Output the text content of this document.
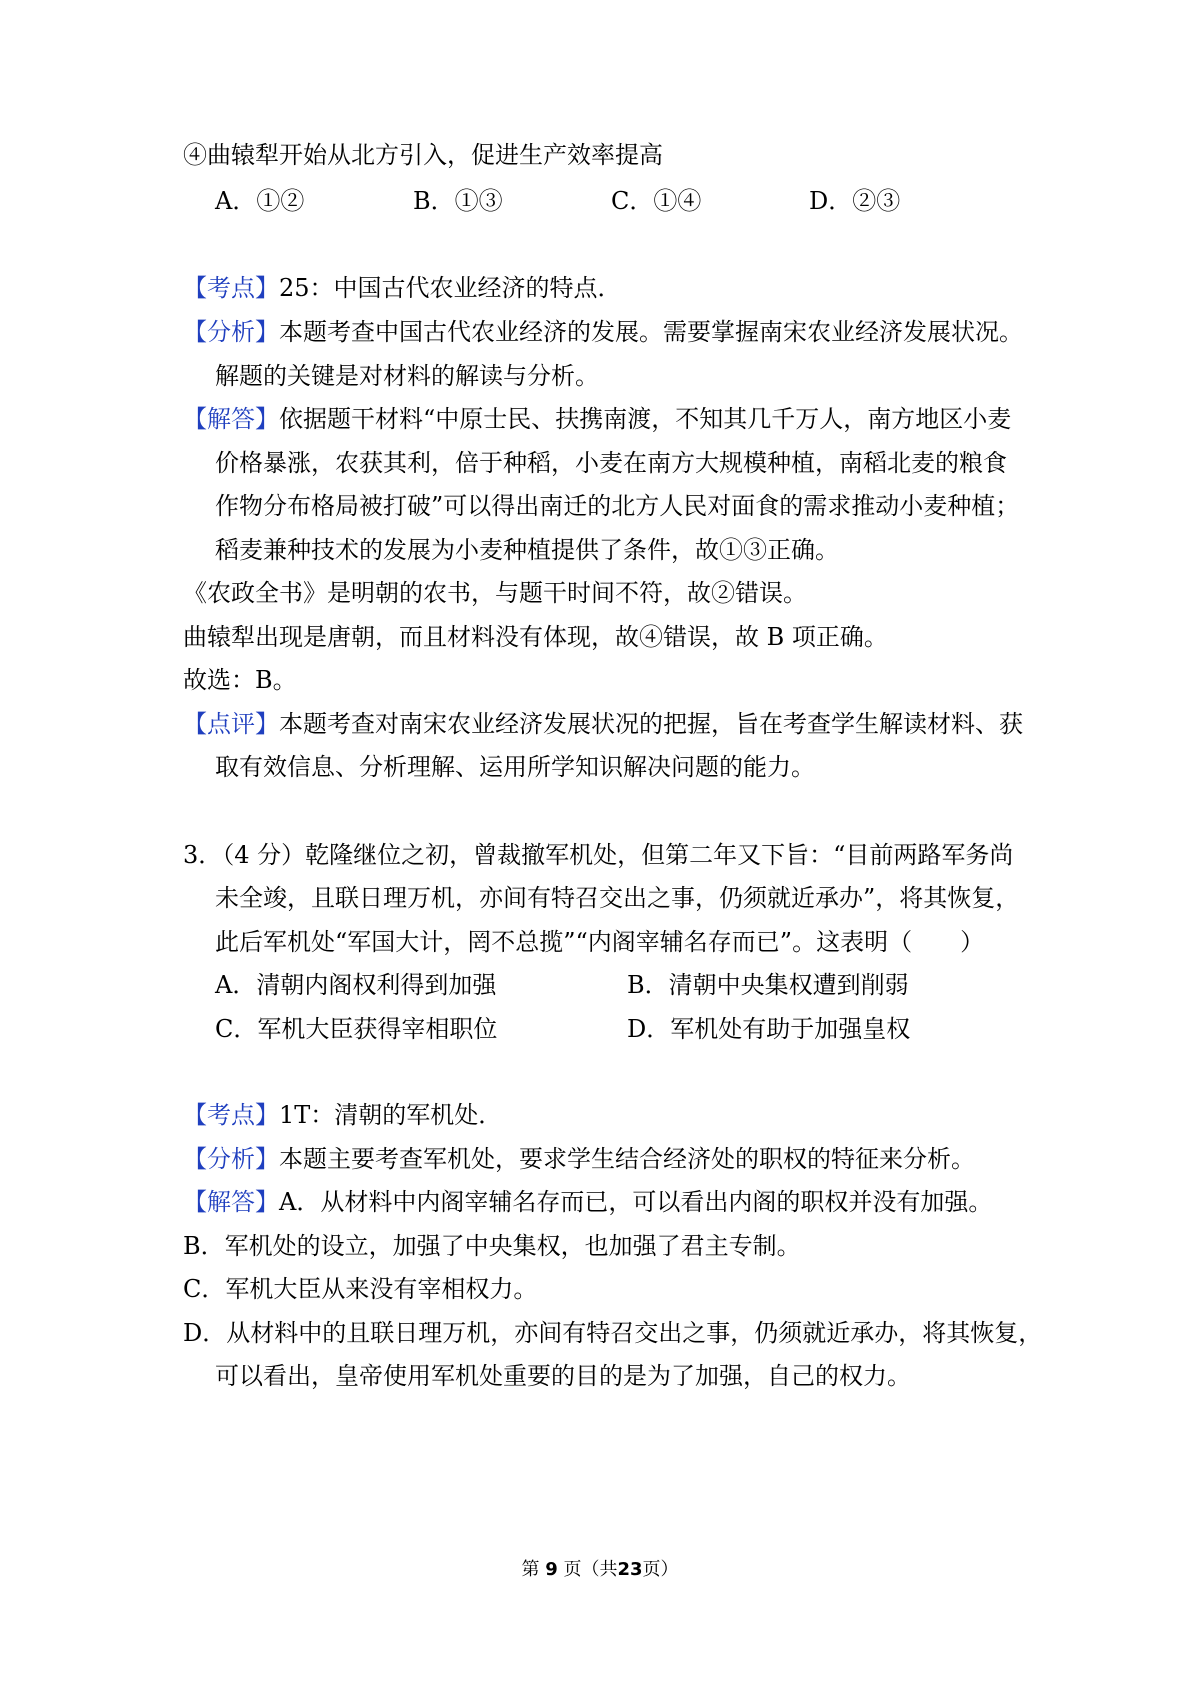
④曲辕犁开始从北方引入，促进生产效率提高
A．①②	B．①③	C．①④	D．②③
【考点】25：中国古代农业经济的特点．
【分析】本题考查中国古代农业经济的发展。需要掌握南宋农业经济发展状况。
解题的关键是对材料的解读与分析。
【解答】依据题干材料“中原士民、扶携南渡，不知其几千万人，南方地区小麦
价格暴涨，农获其利，倍于种稻，小麦在南方大规模种植，南稻北麦的粮食
作物分布格局被打破”可以得出南迁的北方人民对面食的需求推动小麦种植；
稻麦兼种技术的发展为小麦种植提供了条件，故①③正确。
《农政全书》是明朝的农书，与题干时间不符，故②错误。
曲辕犁出现是唐朝，而且材料没有体现，故④错误，故 B 项正确。
故选：B。
【点评】本题考查对南宋农业经济发展状况的把握，旨在考查学生解读材料、获
取有效信息、分析理解、运用所学知识解决问题的能力。
3．（4 分）乾隆继位之初，曾裁撤军机处，但第二年又下旨：“目前两路军务尚
未全竣，且联日理万机，亦间有特召交出之事，仍须就近承办”，将其恢复，
此后军机处“军国大计，罔不总揽”“内阁宰辅名存而已”。这表明（　　）
A．清朝内阁权利得到加强	B．清朝中央集权遭到削弱
C．军机大臣获得宰相职位	D．军机处有助于加强皇权
【考点】1T：清朝的军机处．
【分析】本题主要考查军机处，要求学生结合经济处的职权的特征来分析。
【解答】A．从材料中内阁宰辅名存而已，可以看出内阁的职权并没有加强。
B．军机处的设立，加强了中央集权，也加强了君主专制。
C．军机大臣从来没有宰相权力。
D．从材料中的且联日理万机，亦间有特召交出之事，仍须就近承办，将其恢复，
可以看出，皇帝使用军机处重要的目的是为了加强，自己的权力。
第 9 页（共23页）
